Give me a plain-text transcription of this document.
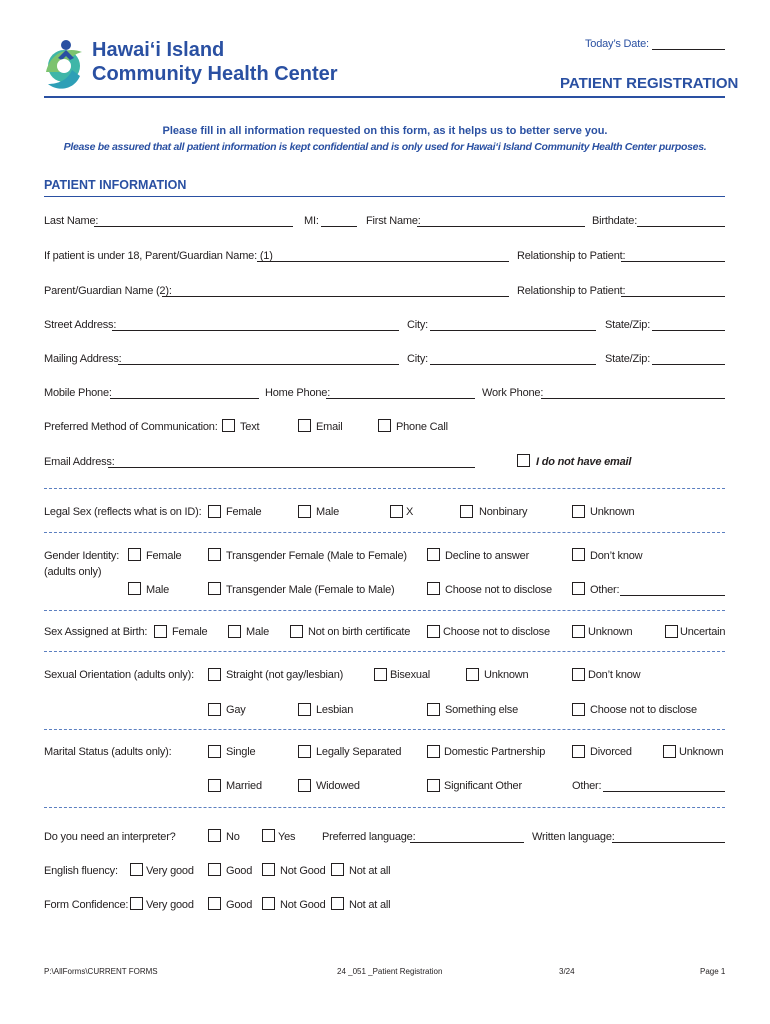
Hawai‘i Island
Community Health Center
Today’s Date:
PATIENT REGISTRATION
Please fill in all information requested on this form, as it helps us to better serve you.
Please be assured that all patient information is kept confidential and is only used for Hawai‘i Island Community Health Center purposes.
PATIENT INFORMATION
Last Name:	MI:	First Name:	Birthdate:
If patient is under 18, Parent/Guardian Name: (1)	Relationship to Patient:
Parent/Guardian Name (2):	Relationship to Patient:
Street Address:	City:	State/Zip:
Mailing Address:	City:	State/Zip:
Mobile Phone:	Home Phone:	Work Phone:
Preferred Method of Communication: Text	Email	Phone Call
Email Address:	I do not have email
Legal Sex (reflects what is on ID): Female	Male	X	Nonbinary	Unknown
Gender Identity:
(adults only)
Female	Transgender Female (Male to Female)	Decline to answer	Don’t know
Male	Transgender Male (Female to Male)	Choose not to disclose	Other:
Sex Assigned at Birth: Female	Male	Not on birth certificate	Choose not to disclose	Unknown	Uncertain
Sexual Orientation (adults only):	Straight (not gay/lesbian)	Bisexual	Unknown	Don’t know
Gay	Lesbian	Something else	Choose not to disclose
Marital Status (adults only):	Single	Legally Separated	Domestic Partnership	Divorced	Unknown
Married	Widowed	Significant Other	Other:
Do you need an interpreter?	No	Yes Preferred language:	Written language:
English fluency:	Very good	Good	Not Good Not at all
Form Confidence: Very good	Good	Not Good Not at all
P:\AllForms\CURRENT FORMS	24 _051 _Patient Registration	3/24	Page 1
